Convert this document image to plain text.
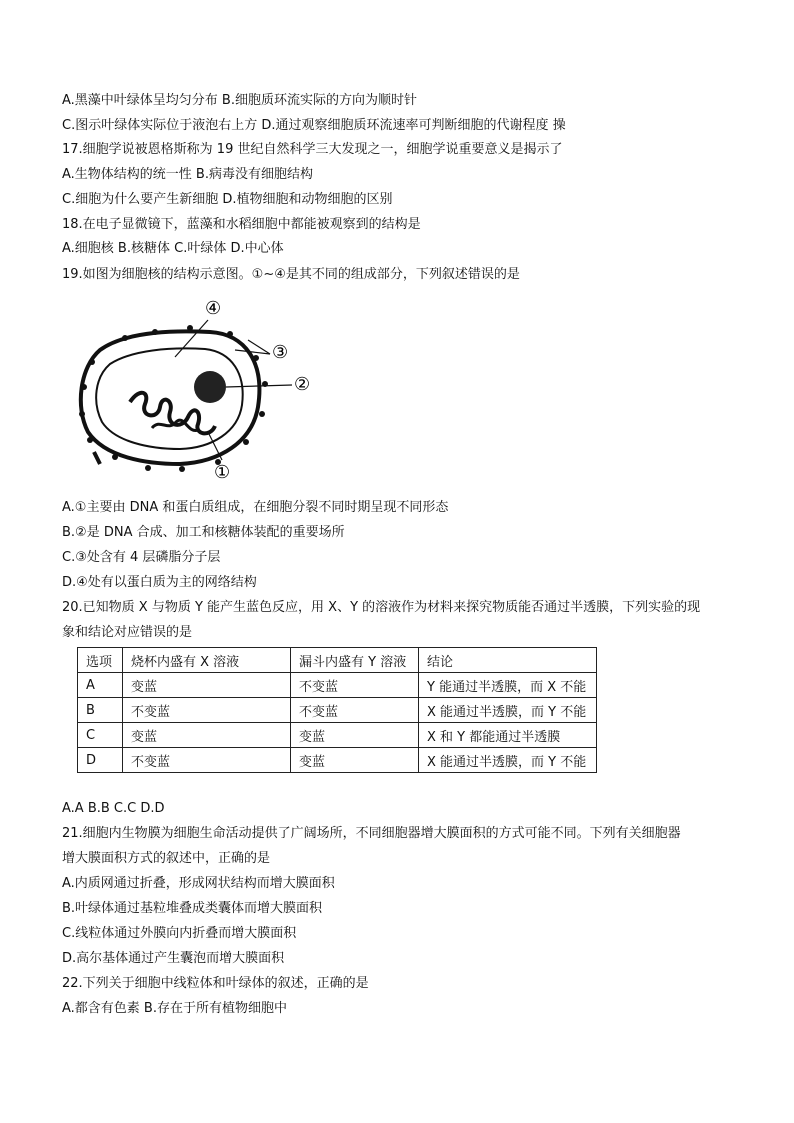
A.黑藻中叶绿体呈均匀分布 B.细胞质环流实际的方向为顺时针
C.图示叶绿体实际位于液泡右上方 D.通过观察细胞质环流速率可判断细胞的代谢程度 操
17.细胞学说被恩格斯称为 19 世纪自然科学三大发现之一，细胞学说重要意义是揭示了
A.生物体结构的统一性 B.病毒没有细胞结构
C.细胞为什么要产生新细胞 D.植物细胞和动物细胞的区别
18.在电子显微镜下，蓝藻和水稻细胞中都能被观察到的结构是
A.细胞核 B.核糖体 C.叶绿体 D.中心体
19.如图为细胞核的结构示意图。①~④是其不同的组成部分，下列叙述错误的是
④
③
②
①
A.①主要由 DNA 和蛋白质组成，在细胞分裂不同时期呈现不同形态
B.②是 DNA 合成、加工和核糖体装配的重要场所
C.③处含有 4 层磷脂分子层
D.④处有以蛋白质为主的网络结构
20.已知物质 X 与物质 Y 能产生蓝色反应，用 X、Y 的溶液作为材料来探究物质能否通过半透膜，下列实验的现
象和结论对应错误的是
选项	烧杯内盛有 X 溶液	漏斗内盛有 Y 溶液	结论
A	变蓝	不变蓝	Y 能通过半透膜，而 X 不能
B	不变蓝	不变蓝	X 能通过半透膜，而 Y 不能
C	变蓝	变蓝	X 和 Y 都能通过半透膜
D	不变蓝	变蓝	X 能通过半透膜，而 Y 不能
A.A B.B C.C D.D
21.细胞内生物膜为细胞生命活动提供了广阔场所，不同细胞器增大膜面积的方式可能不同。下列有关细胞器
增大膜面积方式的叙述中，正确的是
A.内质网通过折叠，形成网状结构而增大膜面积
B.叶绿体通过基粒堆叠成类囊体而增大膜面积
C.线粒体通过外膜向内折叠而增大膜面积
D.高尔基体通过产生囊泡而增大膜面积
22.下列关于细胞中线粒体和叶绿体的叙述，正确的是
A.都含有色素 B.存在于所有植物细胞中
